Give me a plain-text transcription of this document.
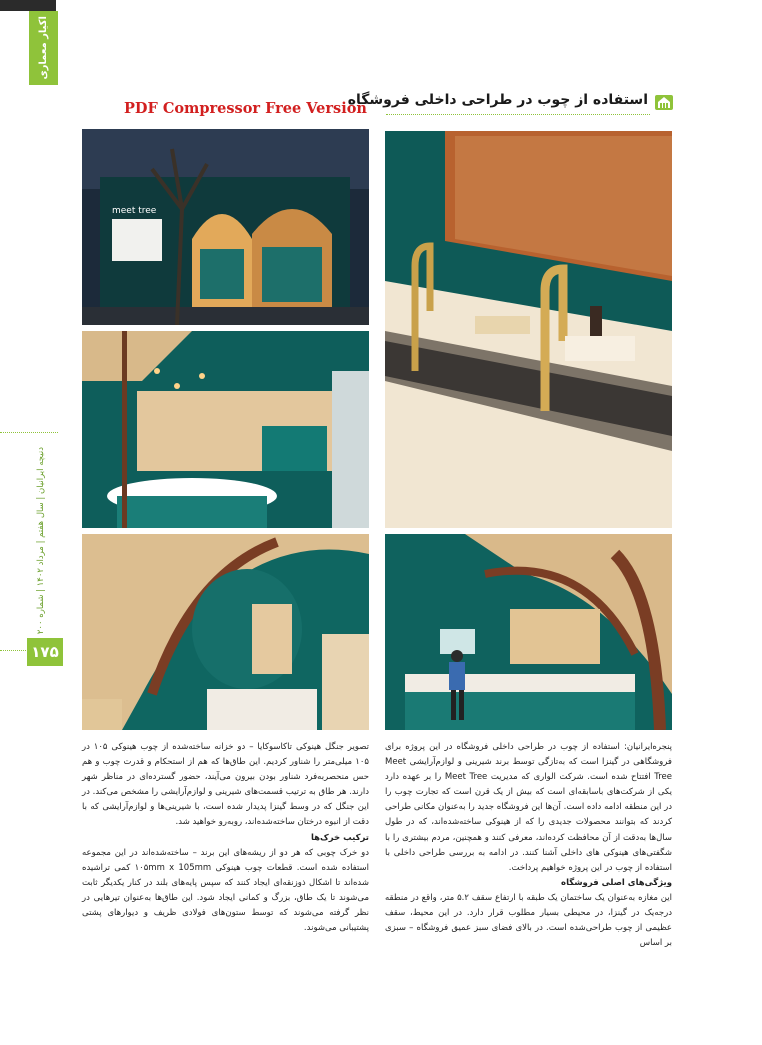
اکیار معماری
دنیچه ایرانیان | سال هفتم | مرداد ۱۴۰۲ | شماره ۲۰۰
۱۷۵
PDF Compressor Free Version
استفاده از چوب در طراحی داخلی فروشگاه
meet tree

پنجره‌ایرانیان: استفاده از چوب در طراحی داخلی فروشگاه در این پروژه برای فروشگاهی در گینزا است که به‌تازگی توسط برند شیرینی و لوازم‌آرایشی Meet Tree افتتاح شده است. شرکت الواری که مدیریت Meet Tree را بر عهده دارد یکی از شرکت‌های باسابقه‌ای است که بیش از یک قرن است که تجارت چوب را در این منطقه ادامه داده است. آن‌ها این فروشگاه جدید را به‌عنوان مکانی طراحی کردند که بتوانند محصولات جدیدی را که از هینوکی ساخته‌شده‌اند، که در طول سال‌ها به‌دقت از آن محافظت کرده‌اند، معرفی کنند و همچنین، مردم بیشتری را با شگفتی‌های هینوکی های داخلی آشنا کنند. در ادامه به بررسی طراحی داخلی با استفاده از چوب در این پروژه خواهیم پرداخت.

ویژگی‌های اصلی فروشگاه

این مغازه به‌عنوان یک ساختمان یک طبقه با ارتفاع سقف ۵.۲ متر، واقع در منطقه درجه‌یک در گینزا، در محیطی بسیار مطلوب قرار دارد. در این محیط، سقف عظیمی از چوب طراحی‌شده است. در بالای فضای سبز عمیق فروشگاه – سبزی بر اساس

تصویر جنگل هینوکی تاکاسوکایا – دو خزانه ساخته‌شده از چوب هینوکی ۱۰۵ در ۱۰۵ میلی‌متر را شناور کردیم. این طاق‌ها که هم از استحکام و قدرت چوب و هم حس منحصربه‌فرد شناور بودن بیرون می‌آیند، حضور گسترده‌ای در مناظر شهر دارند. هر طاق به ترتیب قسمت‌های شیرینی و لوازم‌آرایشی را مشخص می‌کند. در این جنگل که در وسط گینزا پدیدار شده است، با شیرینی‌ها و لوازم‌آرایشی که با دقت از انبوه درختان ساخته‌شده‌اند، روبه‌رو خواهید شد.

ترکیب خرک‌ها

دو خرک چوبی که هر دو از ریشه‌های این برند – ساخته‌شده‌اند در این مجموعه استفاده شده است. قطعات چوب هینوکی ۱۰۵mm x 105mm کمی تراشیده شده‌اند تا اشکال ذوزنقه‌ای ایجاد کنند که سپس پایه‌های بلند در کنار یکدیگر ثابت می‌شوند تا یک طاق، بزرگ و کمانی ایجاد شود. این طاق‌ها به‌عنوان تیرهایی در نظر گرفته می‌شوند که توسط ستون‌های فولادی ظریف و دیوارهای پشتی پشتیبانی می‌شوند.
